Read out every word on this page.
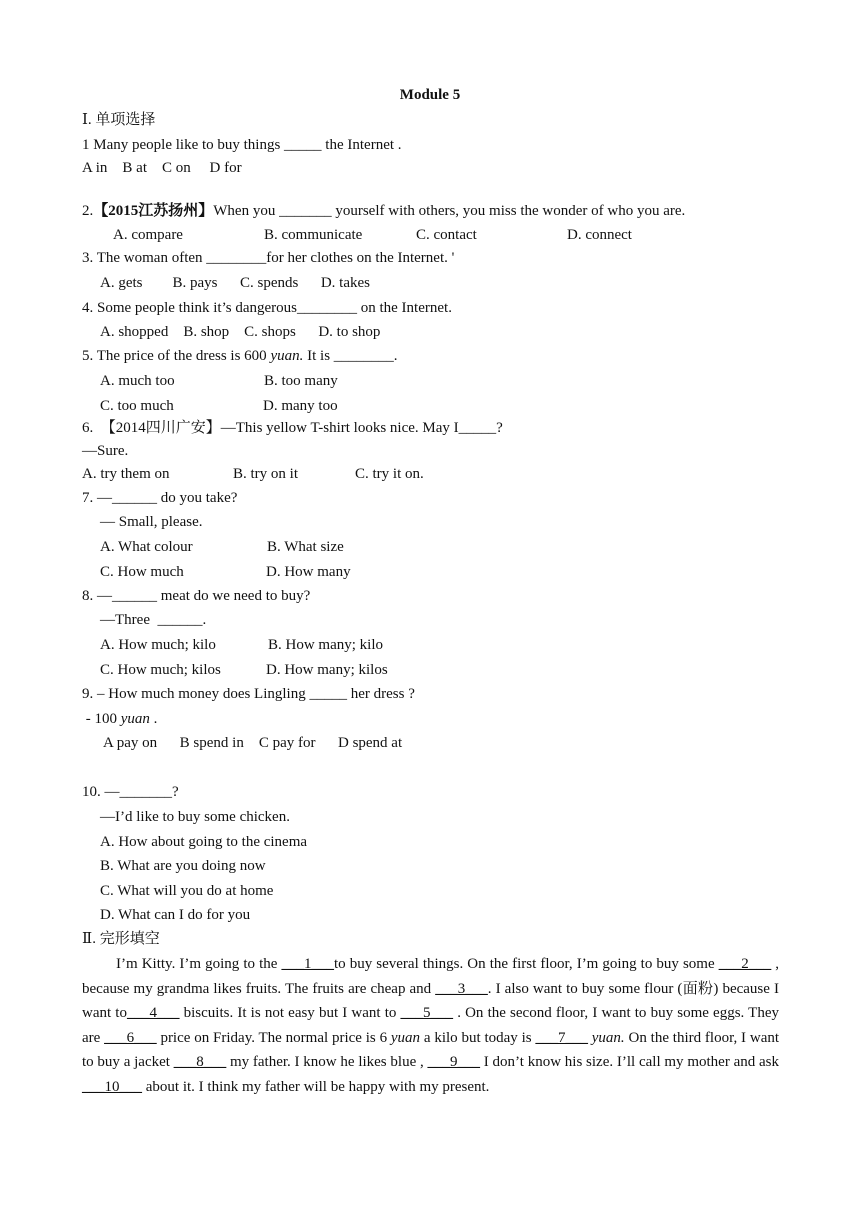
Module 5
Ⅰ. 单项选择
1 Many people like to buy things _____ the Internet .
A in    B at    C on     D for
2.【2015江苏扬州】When you _______ yourself with others, you miss the wonder of who you are.
A. compare	B. communicate	C. contact	D. connect
3. The woman often ________for her clothes on the Internet. '
A. gets        B. pays      C. spends      D. takes
4. Some people think it’s dangerous________ on the Internet.
A. shopped    B. shop    C. shops      D. to shop
5. The price of the dress is 600 yuan. It is ________.
A. much too	B. too many
C. too much	D. many too
6.  【2014四川广安】—This yellow T-shirt looks nice. May I_____?
—Sure.
A. try them on	B. try on it	C. try it on.
7. —______ do you take?
— Small, please.
A. What colour	B. What size
C. How much	D. How many
8. —______ meat do we need to buy?
—Three  ______.
A. How much; kilo	B. How many; kilo
C. How much; kilos	D. How many; kilos
9. – How much money does Lingling _____ her dress ?
- 100 yuan .
A pay on      B spend in    C pay for      D spend at
10. —_______?
—I’d like to buy some chicken.
A. How about going to the cinema
B. What are you doing now
C. What will you do at home
D. What can I do for you
Ⅱ. 完形填空
I’m Kitty. I’m going to the ___1___to buy several things. On the first floor, I’m going to buy some ___2___ , because my grandma likes fruits. The fruits are cheap and ___3___. I also want to buy some flour (面粉) because I want to___4___ biscuits. It is not easy but I want to ___5___ . On the second floor, I want to buy some eggs. They are ___6___ price on Friday. The normal price is 6 yuan a kilo but today is ___7___ yuan. On the third floor, I want to buy a jacket ___8___ my father. I know he likes blue , ___9___ I don’t know his size. I’ll call my mother and ask ___10___ about it. I think my father will be happy with my present.
